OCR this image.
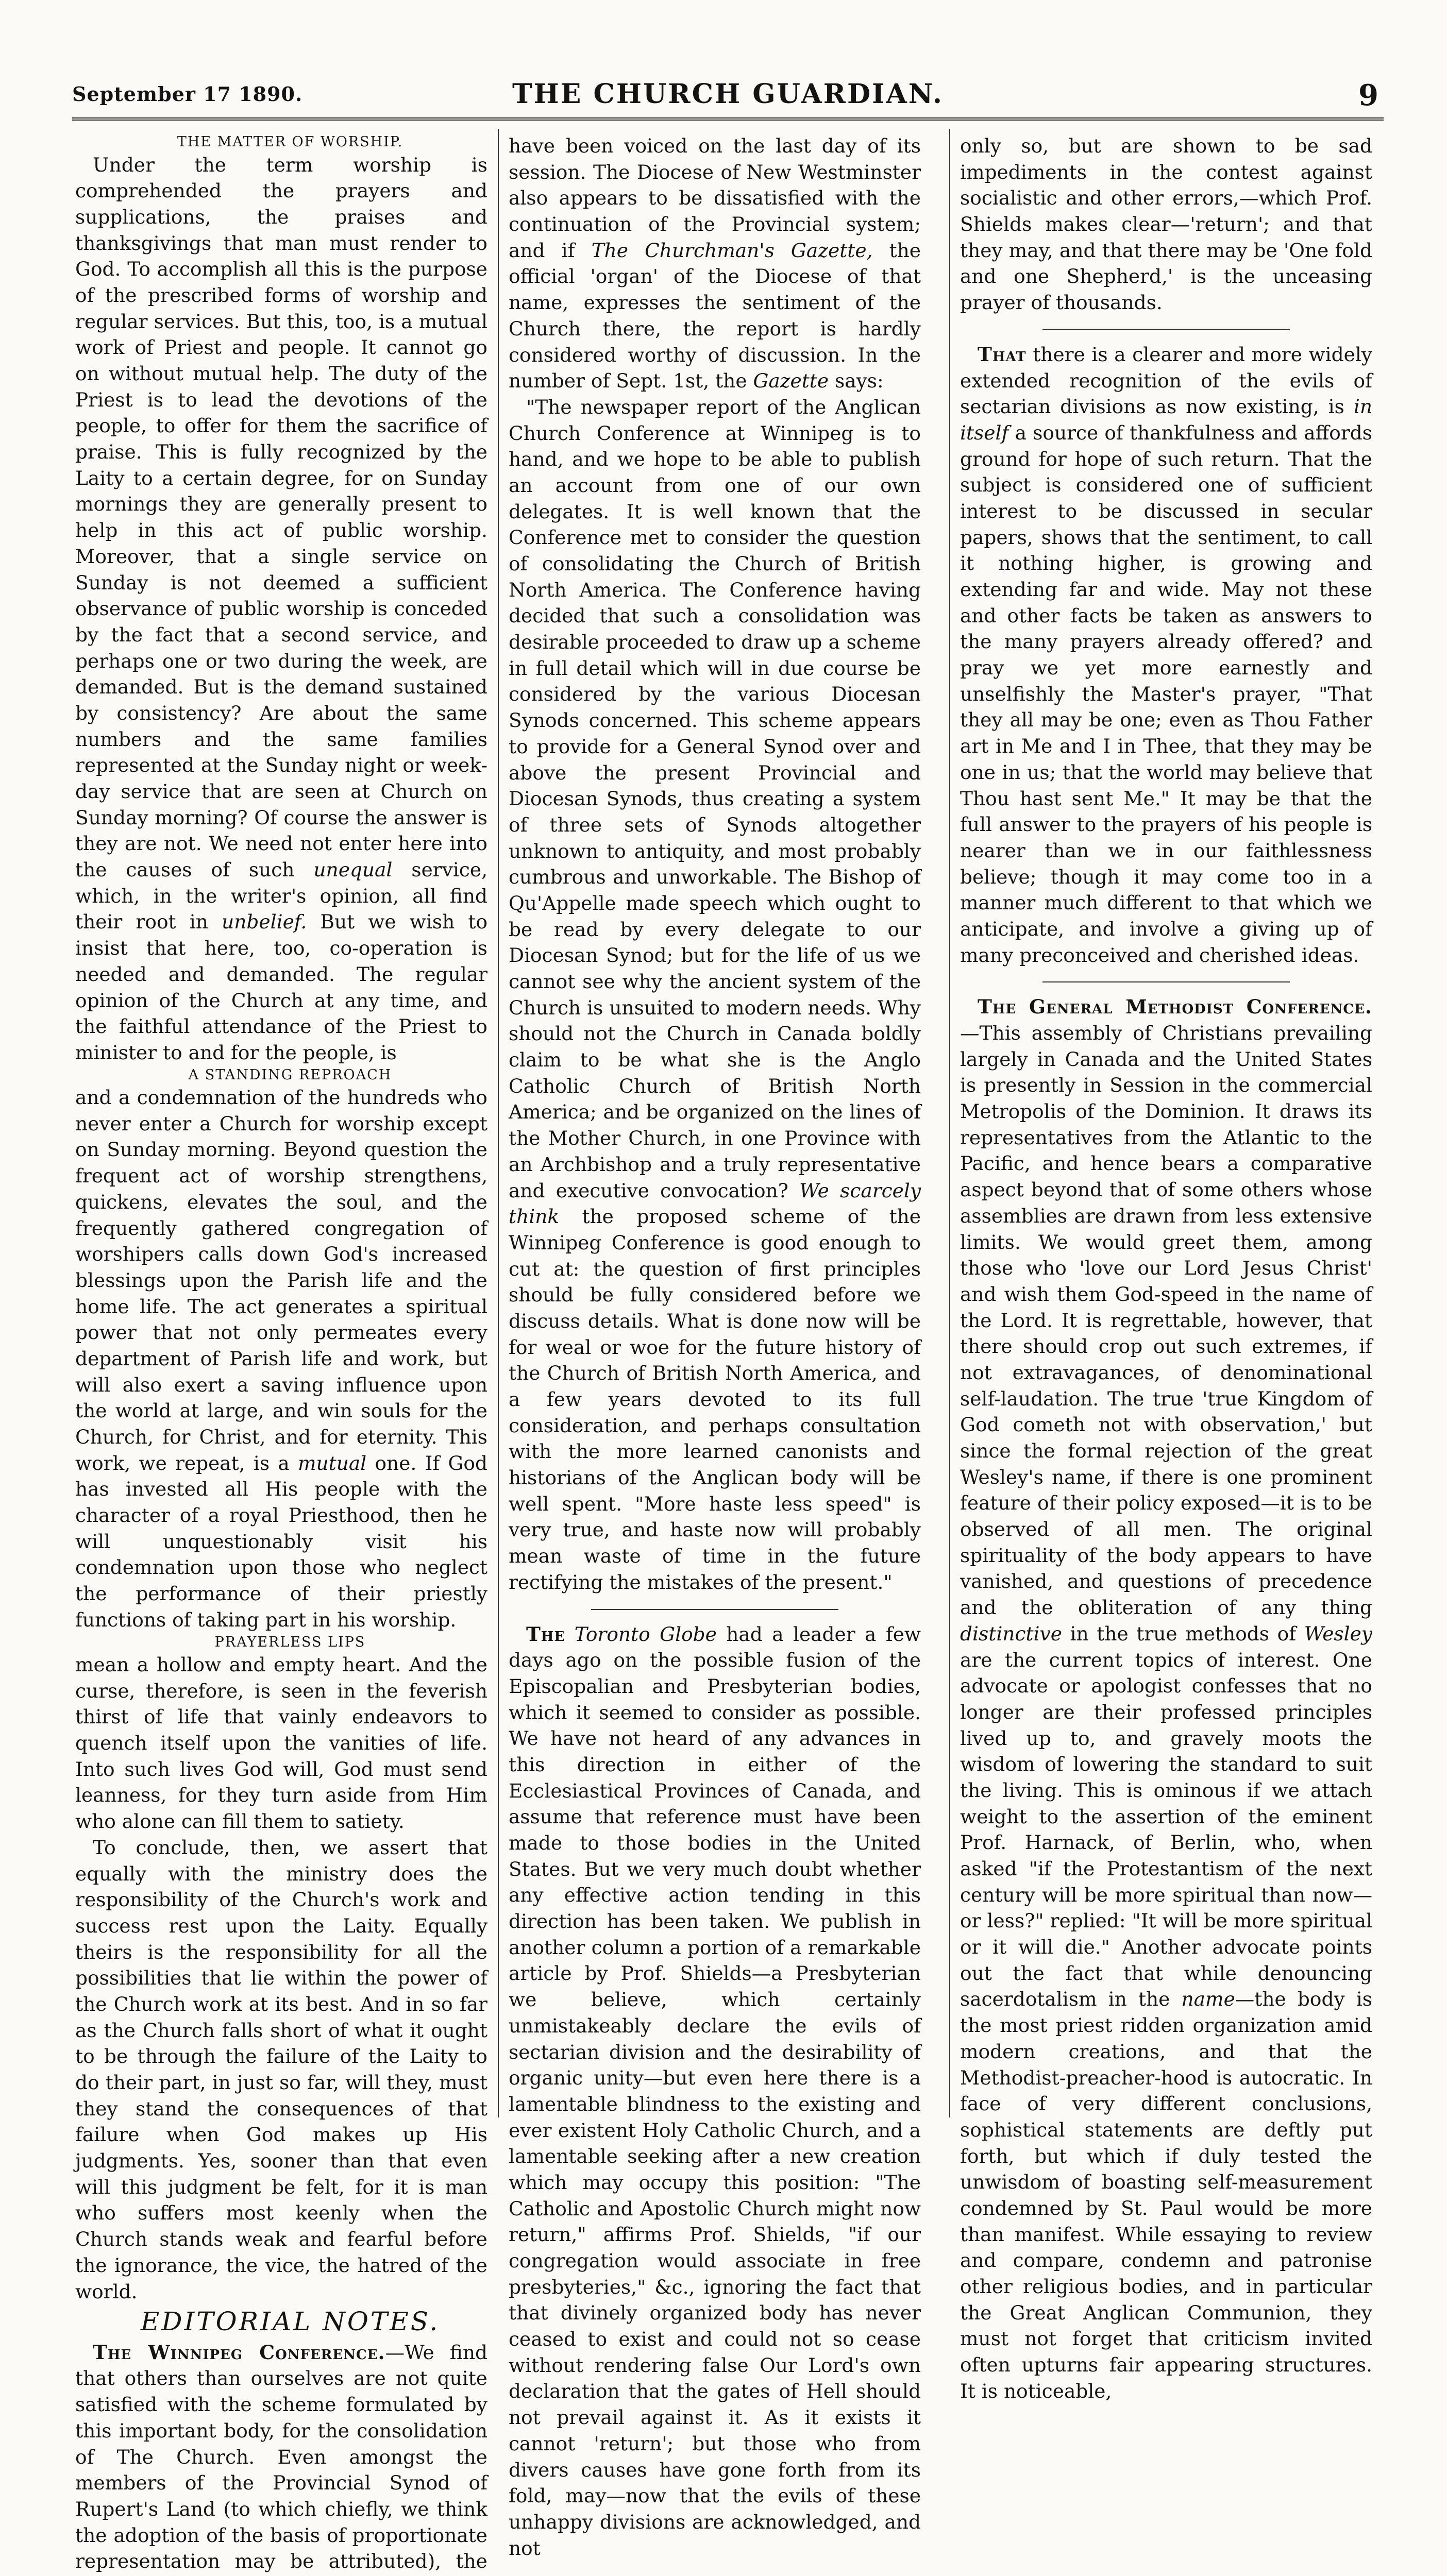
September 17 1890.	THE CHURCH GUARDIAN.	9

THE MATTER OF WORSHIP.

Under the term worship is comprehended the prayers and supplications, the praises and thanksgivings that man must render to God. To accomplish all this is the purpose of the prescribed forms of worship and regular services. But this, too, is a mutual work of Priest and people. It cannot go on without mutual help. The duty of the Priest is to lead the devotions of the people, to offer for them the sacrifice of praise. This is fully recognized by the Laity to a certain degree, for on Sunday mornings they are generally present to help in this act of public worship. Moreover, that a single service on Sunday is not deemed a sufficient observance of public worship is conceded by the fact that a second service, and perhaps one or two during the week, are demanded. But is the demand sustained by consistency? Are about the same numbers and the same families represented at the Sunday night or week-day service that are seen at Church on Sunday morning? Of course the answer is they are not. We need not enter here into the causes of such unequal service, which, in the writer's opinion, all find their root in unbelief. But we wish to insist that here, too, co-operation is needed and demanded. The regular opinion of the Church at any time, and the faithful attendance of the Priest to minister to and for the people, is

A STANDING REPROACH

and a condemnation of the hundreds who never enter a Church for worship except on Sunday morning. Beyond question the frequent act of worship strengthens, quickens, elevates the soul, and the frequently gathered congregation of worshipers calls down God's increased blessings upon the Parish life and the home life. The act generates a spiritual power that not only permeates every department of Parish life and work, but will also exert a saving influence upon the world at large, and win souls for the Church, for Christ, and for eternity. This work, we repeat, is a mutual one. If God has invested all His people with the character of a royal Priesthood, then he will unquestionably visit his condemnation upon those who neglect the performance of their priestly functions of taking part in his worship.

PRAYERLESS LIPS

mean a hollow and empty heart. And the curse, therefore, is seen in the feverish thirst of life that vainly endeavors to quench itself upon the vanities of life. Into such lives God will, God must send leanness, for they turn aside from Him who alone can fill them to satiety.

To conclude, then, we assert that equally with the ministry does the responsibility of the Church's work and success rest upon the Laity. Equally theirs is the responsibility for all the possibilities that lie within the power of the Church work at its best. And in so far as the Church falls short of what it ought to be through the failure of the Laity to do their part, in just so far, will they, must they stand the consequences of that failure when God makes up His judgments. Yes, sooner than that even will this judgment be felt, for it is man who suffers most keenly when the Church stands weak and fearful before the ignorance, the vice, the hatred of the world.

EDITORIAL NOTES.

The Winnipeg Conference.—We find that others than ourselves are not quite satisfied with the scheme formulated by this important body, for the consolidation of The Church. Even amongst the members of the Provincial Synod of Rupert's Land (to which chiefly, we think the adoption of the basis of proportionate representation may be attributed), the

have been voiced on the last day of its session. The Diocese of New Westminster also appears to be dissatisfied with the continuation of the Provincial system; and if The Churchman's Gazette, the official 'organ' of the Diocese of that name, expresses the sentiment of the Church there, the report is hardly considered worthy of discussion. In the number of Sept. 1st, the Gazette says:

"The newspaper report of the Anglican Church Conference at Winnipeg is to hand, and we hope to be able to publish an account from one of our own delegates. It is well known that the Conference met to consider the question of consolidating the Church of British North America. The Conference having decided that such a consolidation was desirable proceeded to draw up a scheme in full detail which will in due course be considered by the various Diocesan Synods concerned. This scheme appears to provide for a General Synod over and above the present Provincial and Diocesan Synods, thus creating a system of three sets of Synods altogether unknown to antiquity, and most probably cumbrous and unworkable. The Bishop of Qu'Appelle made speech which ought to be read by every delegate to our Diocesan Synod; but for the life of us we cannot see why the ancient system of the Church is unsuited to modern needs. Why should not the Church in Canada boldly claim to be what she is the Anglo Catholic Church of British North America; and be organized on the lines of the Mother Church, in one Province with an Archbishop and a truly representative and executive convocation? We scarcely think the proposed scheme of the Winnipeg Conference is good enough to cut at: the question of first principles should be fully considered before we discuss details. What is done now will be for weal or woe for the future history of the Church of British North America, and a few years devoted to its full consideration, and perhaps consultation with the more learned canonists and historians of the Anglican body will be well spent. "More haste less speed" is very true, and haste now will probably mean waste of time in the future rectifying the mistakes of the present."

The Toronto Globe had a leader a few days ago on the possible fusion of the Episcopalian and Presbyterian bodies, which it seemed to consider as possible. We have not heard of any advances in this direction in either of the Ecclesiastical Provinces of Canada, and assume that reference must have been made to those bodies in the United States. But we very much doubt whether any effective action tending in this direction has been taken. We publish in another column a portion of a remarkable article by Prof. Shields—a Presbyterian we believe, which certainly unmistakeably declare the evils of sectarian division and the desirability of organic unity—but even here there is a lamentable blindness to the existing and ever existent Holy Catholic Church, and a lamentable seeking after a new creation which may occupy this position: "The Catholic and Apostolic Church might now return," affirms Prof. Shields, "if our congregation would associate in free presbyteries," &c., ignoring the fact that that divinely organized body has never ceased to exist and could not so cease without rendering false Our Lord's own declaration that the gates of Hell should not prevail against it. As it exists it cannot 'return'; but those who from divers causes have gone forth from its fold, may—now that the evils of these unhappy divisions are acknowledged, and not

only so, but are shown to be sad impediments in the contest against socialistic and other errors,—which Prof. Shields makes clear—'return'; and that they may, and that there may be 'One fold and one Shepherd,' is the unceasing prayer of thousands.

That there is a clearer and more widely extended recognition of the evils of sectarian divisions as now existing, is in itself a source of thankfulness and affords ground for hope of such return. That the subject is considered one of sufficient interest to be discussed in secular papers, shows that the sentiment, to call it nothing higher, is growing and extending far and wide. May not these and other facts be taken as answers to the many prayers already offered? and pray we yet more earnestly and unselfishly the Master's prayer, "That they all may be one; even as Thou Father art in Me and I in Thee, that they may be one in us; that the world may believe that Thou hast sent Me." It may be that the full answer to the prayers of his people is nearer than we in our faithlessness believe; though it may come too in a manner much different to that which we anticipate, and involve a giving up of many preconceived and cherished ideas.

The General Methodist Conference.—This assembly of Christians prevailing largely in Canada and the United States is presently in Session in the commercial Metropolis of the Dominion. It draws its representatives from the Atlantic to the Pacific, and hence bears a comparative aspect beyond that of some others whose assemblies are drawn from less extensive limits. We would greet them, among those who 'love our Lord Jesus Christ' and wish them God-speed in the name of the Lord. It is regrettable, however, that there should crop out such extremes, if not extravagances, of denominational self-laudation. The true 'true Kingdom of God cometh not with observation,' but since the formal rejection of the great Wesley's name, if there is one prominent feature of their policy exposed—it is to be observed of all men. The original spirituality of the body appears to have vanished, and questions of precedence and the obliteration of any thing distinctive in the true methods of Wesley are the current topics of interest. One advocate or apologist confesses that no longer are their professed principles lived up to, and gravely moots the wisdom of lowering the standard to suit the living. This is ominous if we attach weight to the assertion of the eminent Prof. Harnack, of Berlin, who, when asked "if the Protestantism of the next century will be more spiritual than now—or less?" replied: "It will be more spiritual or it will die." Another advocate points out the fact that while denouncing sacerdotalism in the name—the body is the most priest ridden organization amid modern creations, and that the Methodist-preacher-hood is autocratic. In face of very different conclusions, sophistical statements are deftly put forth, but which if duly tested the unwisdom of boasting self-measurement condemned by St. Paul would be more than manifest. While essaying to review and compare, condemn and patronise other religious bodies, and in particular the Great Anglican Communion, they must not forget that criticism invited often upturns fair appearing structures. It is noticeable,
